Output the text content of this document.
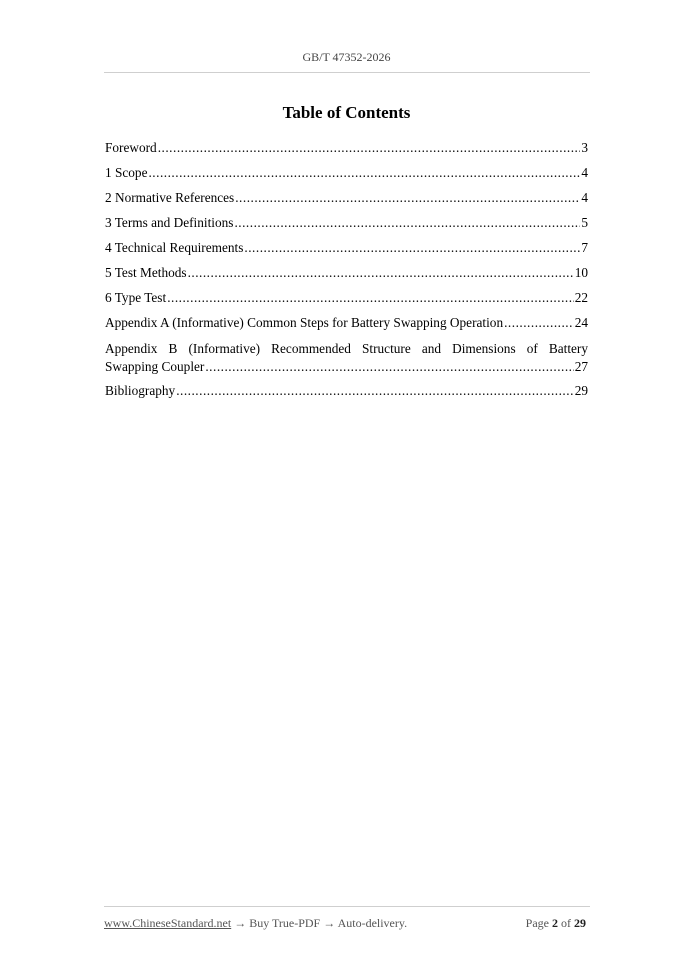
GB/T 47352-2026
Table of Contents
Foreword .....	3
1 Scope .....	4
2 Normative References .....	4
3 Terms and Definitions .....	5
4 Technical Requirements .....	7
5 Test Methods .....	10
6 Type Test .....	22
Appendix A (Informative) Common Steps for Battery Swapping Operation .....	24
Appendix B (Informative) Recommended Structure and Dimensions of Battery
Swapping Coupler .....	27
Bibliography .....	29
www.ChineseStandard.net → Buy True-PDF → Auto-delivery.	Page 2 of 29
